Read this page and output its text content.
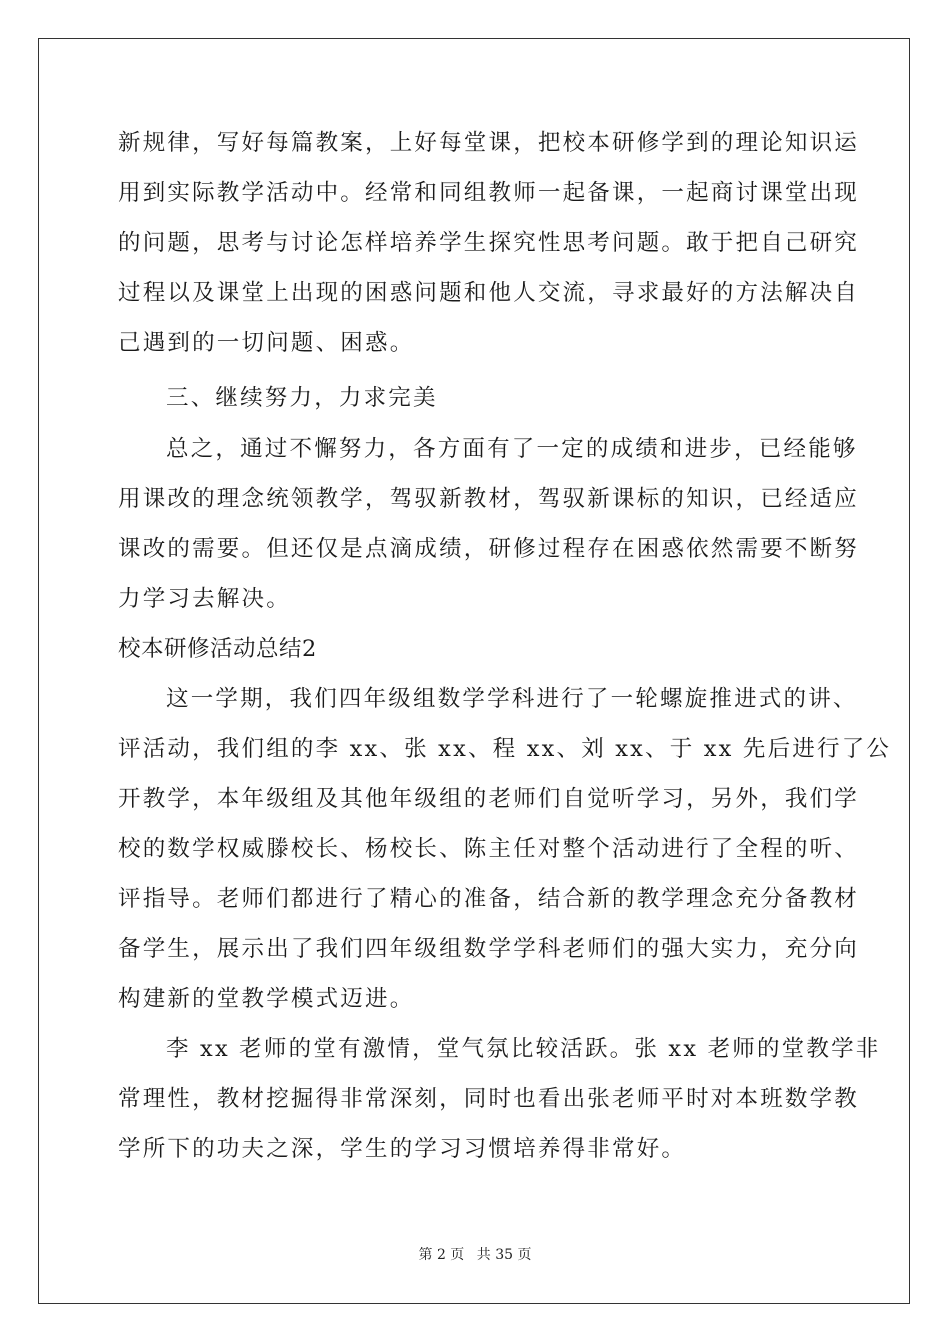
新规律，写好每篇教案，上好每堂课，把校本研修学到的理论知识运
用到实际教学活动中。经常和同组教师一起备课，一起商讨课堂出现
的问题，思考与讨论怎样培养学生探究性思考问题。敢于把自己研究
过程以及课堂上出现的困惑问题和他人交流，寻求最好的方法解决自
己遇到的一切问题、困惑。
三、继续努力，力求完美
总之，通过不懈努力，各方面有了一定的成绩和进步，已经能够
用课改的理念统领教学，驾驭新教材，驾驭新课标的知识，已经适应
课改的需要。但还仅是点滴成绩，研修过程存在困惑依然需要不断努
力学习去解决。
校本研修活动总结2
这一学期，我们四年级组数学学科进行了一轮螺旋推进式的讲、
评活动，我们组的李 xx、张 xx、程 xx、刘 xx、于 xx 先后进行了公
开教学，本年级组及其他年级组的老师们自觉听学习，另外，我们学
校的数学权威滕校长、杨校长、陈主任对整个活动进行了全程的听、
评指导。老师们都进行了精心的准备，结合新的教学理念充分备教材
备学生，展示出了我们四年级组数学学科老师们的强大实力，充分向
构建新的堂教学模式迈进。
李 xx 老师的堂有激情，堂气氛比较活跃。张 xx 老师的堂教学非
常理性，教材挖掘得非常深刻，同时也看出张老师平时对本班数学教
学所下的功夫之深，学生的学习习惯培养得非常好。
第 2 页 共 35 页
